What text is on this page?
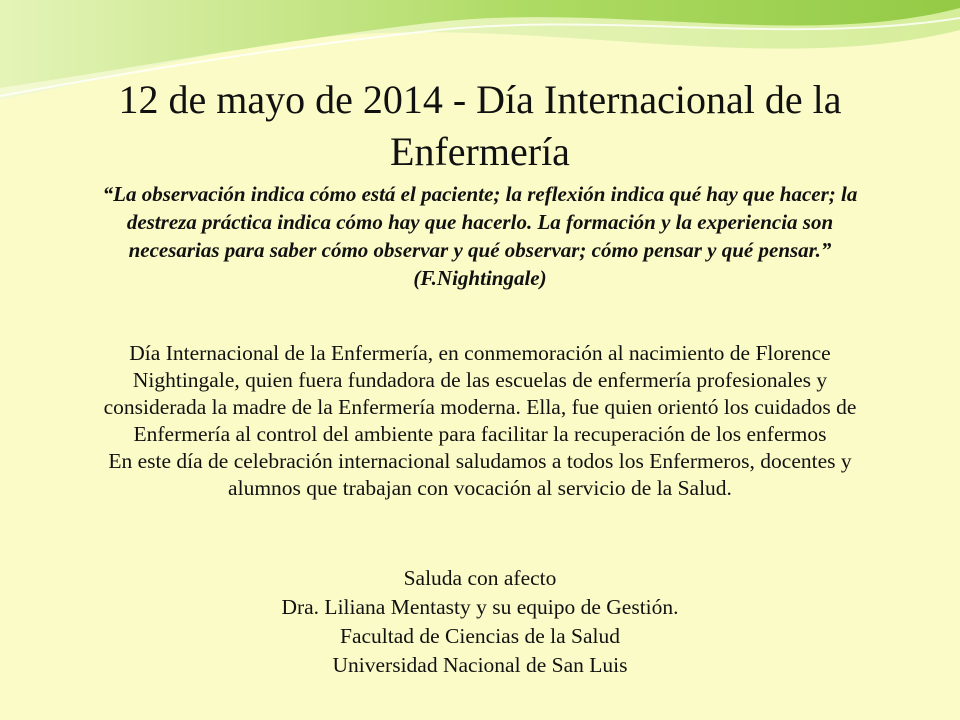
12 de mayo de 2014 - Día Internacional de la
Enfermería
“La observación indica cómo está el paciente; la reflexión indica qué hay que hacer; la
destreza práctica indica cómo hay que hacerlo. La formación y la experiencia son
necesarias para saber cómo observar y qué observar; cómo pensar y qué pensar.”
(F.Nightingale)
Día Internacional de la Enfermería, en conmemoración al nacimiento de Florence
Nightingale, quien fuera fundadora de las escuelas de enfermería profesionales y
considerada la madre de la Enfermería moderna. Ella, fue quien orientó los cuidados de
Enfermería al control del ambiente para facilitar la recuperación de los enfermos
En este día de celebración internacional saludamos a todos los Enfermeros, docentes y
alumnos que trabajan con vocación al servicio de la Salud.
Saluda con afecto
Dra. Liliana Mentasty y su equipo de Gestión.
Facultad de Ciencias de la Salud
Universidad Nacional de San Luis
